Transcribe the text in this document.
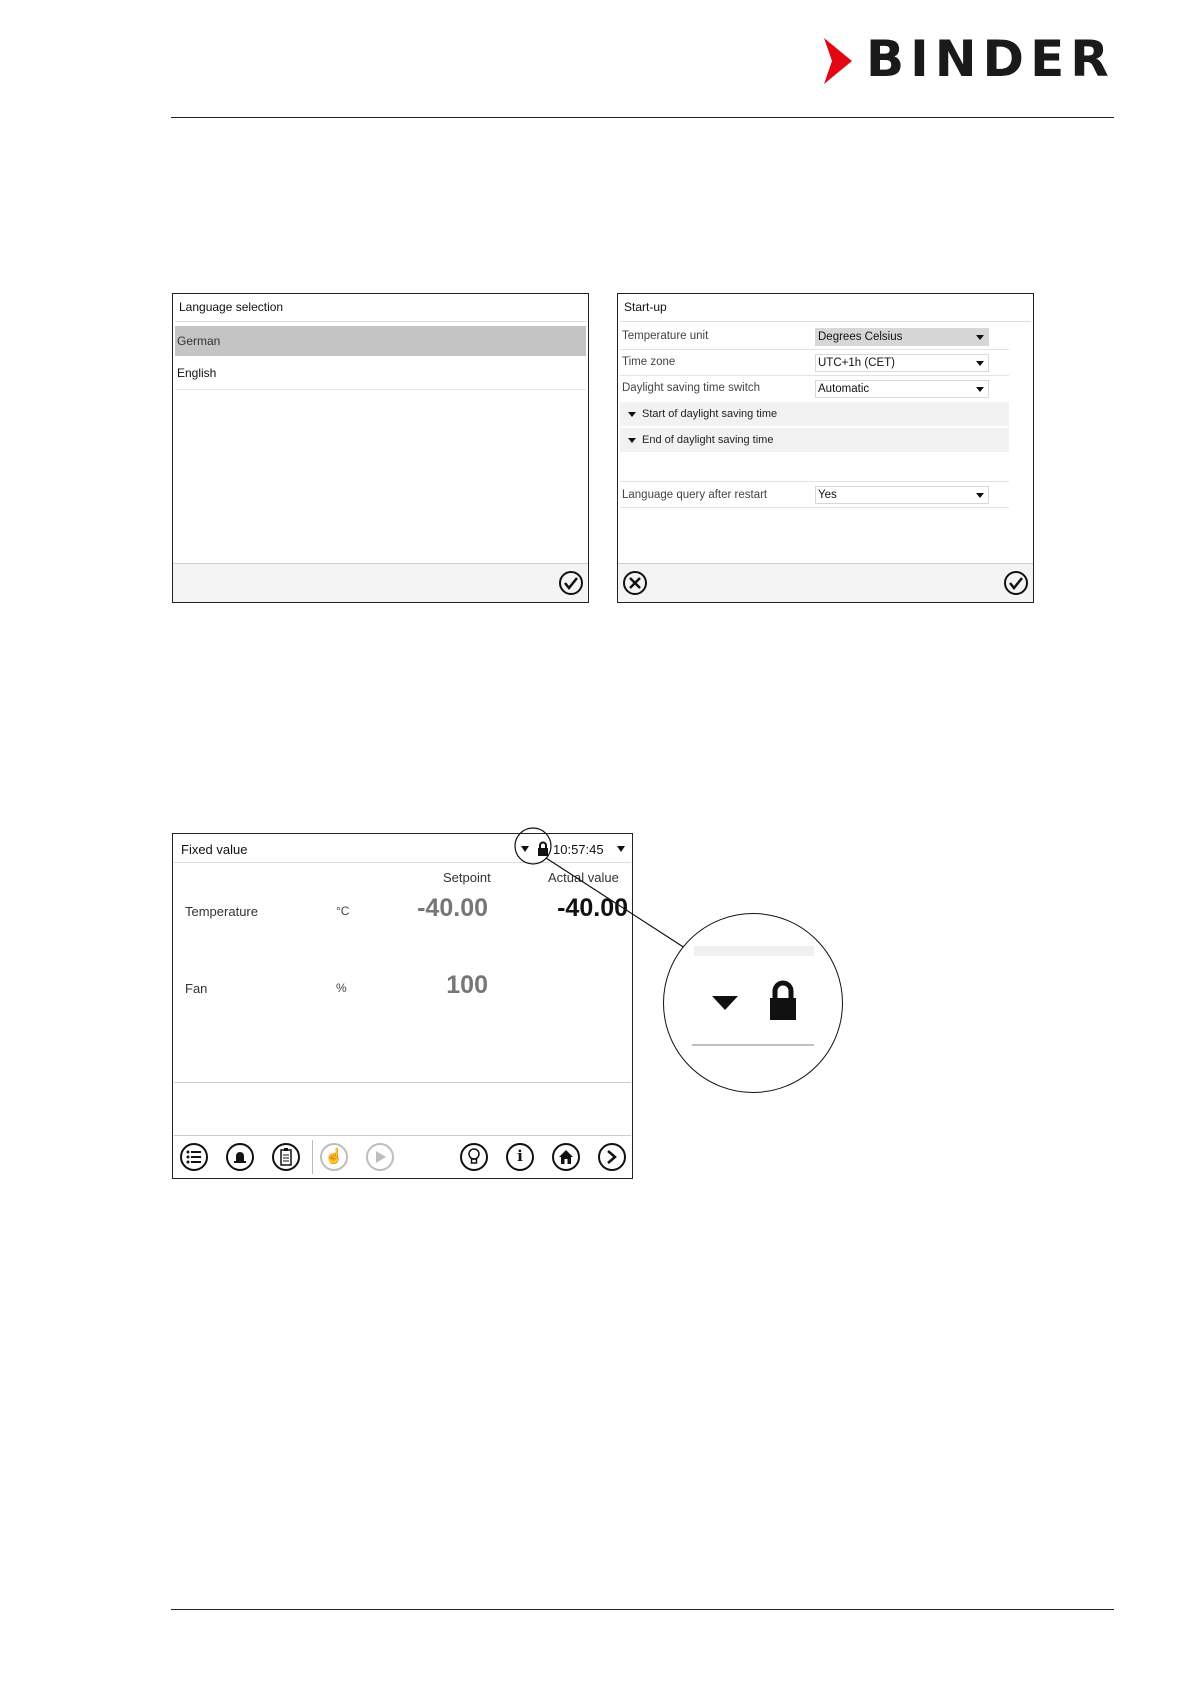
BINDER
Language selection
German
English
Start-up
Temperature unit	Degrees Celsius
Time zone	UTC+1h (CET)
Daylight saving time switch	Automatic
Start of daylight saving time
End of daylight saving time
Language query after restart	Yes
Fixed value	10:57:45
Setpoint	Actual value
Temperature	°C	-40.00	-40.00
Fan	%	100
☝	i
